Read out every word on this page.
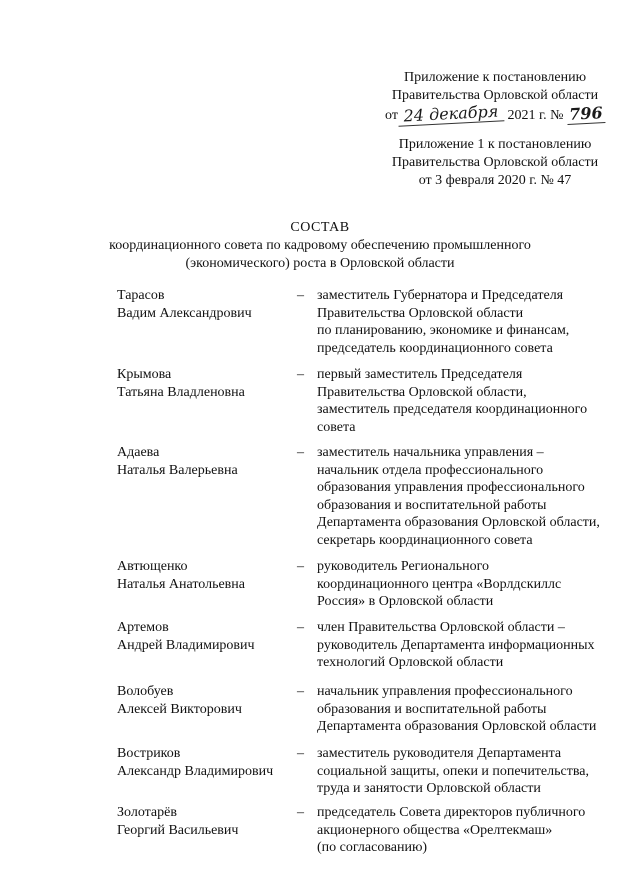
Приложение к постановлению
Правительства Орловской области
от 24 декабря 2021 г. № 796
Приложение 1 к постановлению
Правительства Орловской области
от 3 февраля 2020 г. № 47
СОСТАВ
координационного совета по кадровому обеспечению промышленного
(экономического) роста в Орловской области
Тарасов
Вадим Александрович
– заместитель Губернатора и Председателя
Правительства Орловской области
по планированию, экономике и финансам,
председатель координационного совета
Крымова
Татьяна Владленовна
– первый заместитель Председателя
Правительства Орловской области,
заместитель председателя координационного
совета
Адаева
Наталья Валерьевна
– заместитель начальника управления –
начальник отдела профессионального
образования управления профессионального
образования и воспитательной работы
Департамента образования Орловской области,
секретарь координационного совета
Автющенко
Наталья Анатольевна
– руководитель Регионального
координационного центра «Ворлдскиллс
Россия» в Орловской области
Артемов
Андрей Владимирович
– член Правительства Орловской области –
руководитель Департамента информационных
технологий Орловской области
Волобуев
Алексей Викторович
– начальник управления профессионального
образования и воспитательной работы
Департамента образования Орловской области
Востриков
Александр Владимирович
– заместитель руководителя Департамента
социальной защиты, опеки и попечительства,
труда и занятости Орловской области
Золотарёв
Георгий Васильевич
– председатель Совета директоров публичного
акционерного общества «Орелтекмаш»
(по согласованию)
